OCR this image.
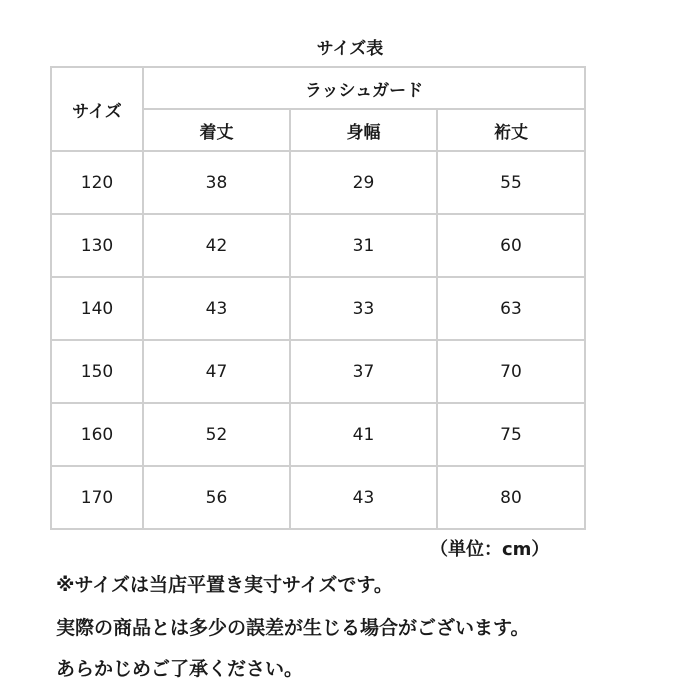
サイズ表
サイズ	ラッシュガード		
	着丈	身幅	裄丈
120	38	29	55
130	42	31	60
140	43	33	63
150	47	37	70
160	52	41	75
170	56	43	80
（単位：cm）
※サイズは当店平置き実寸サイズです。
実際の商品とは多少の誤差が生じる場合がございます。
あらかじめご了承ください。
